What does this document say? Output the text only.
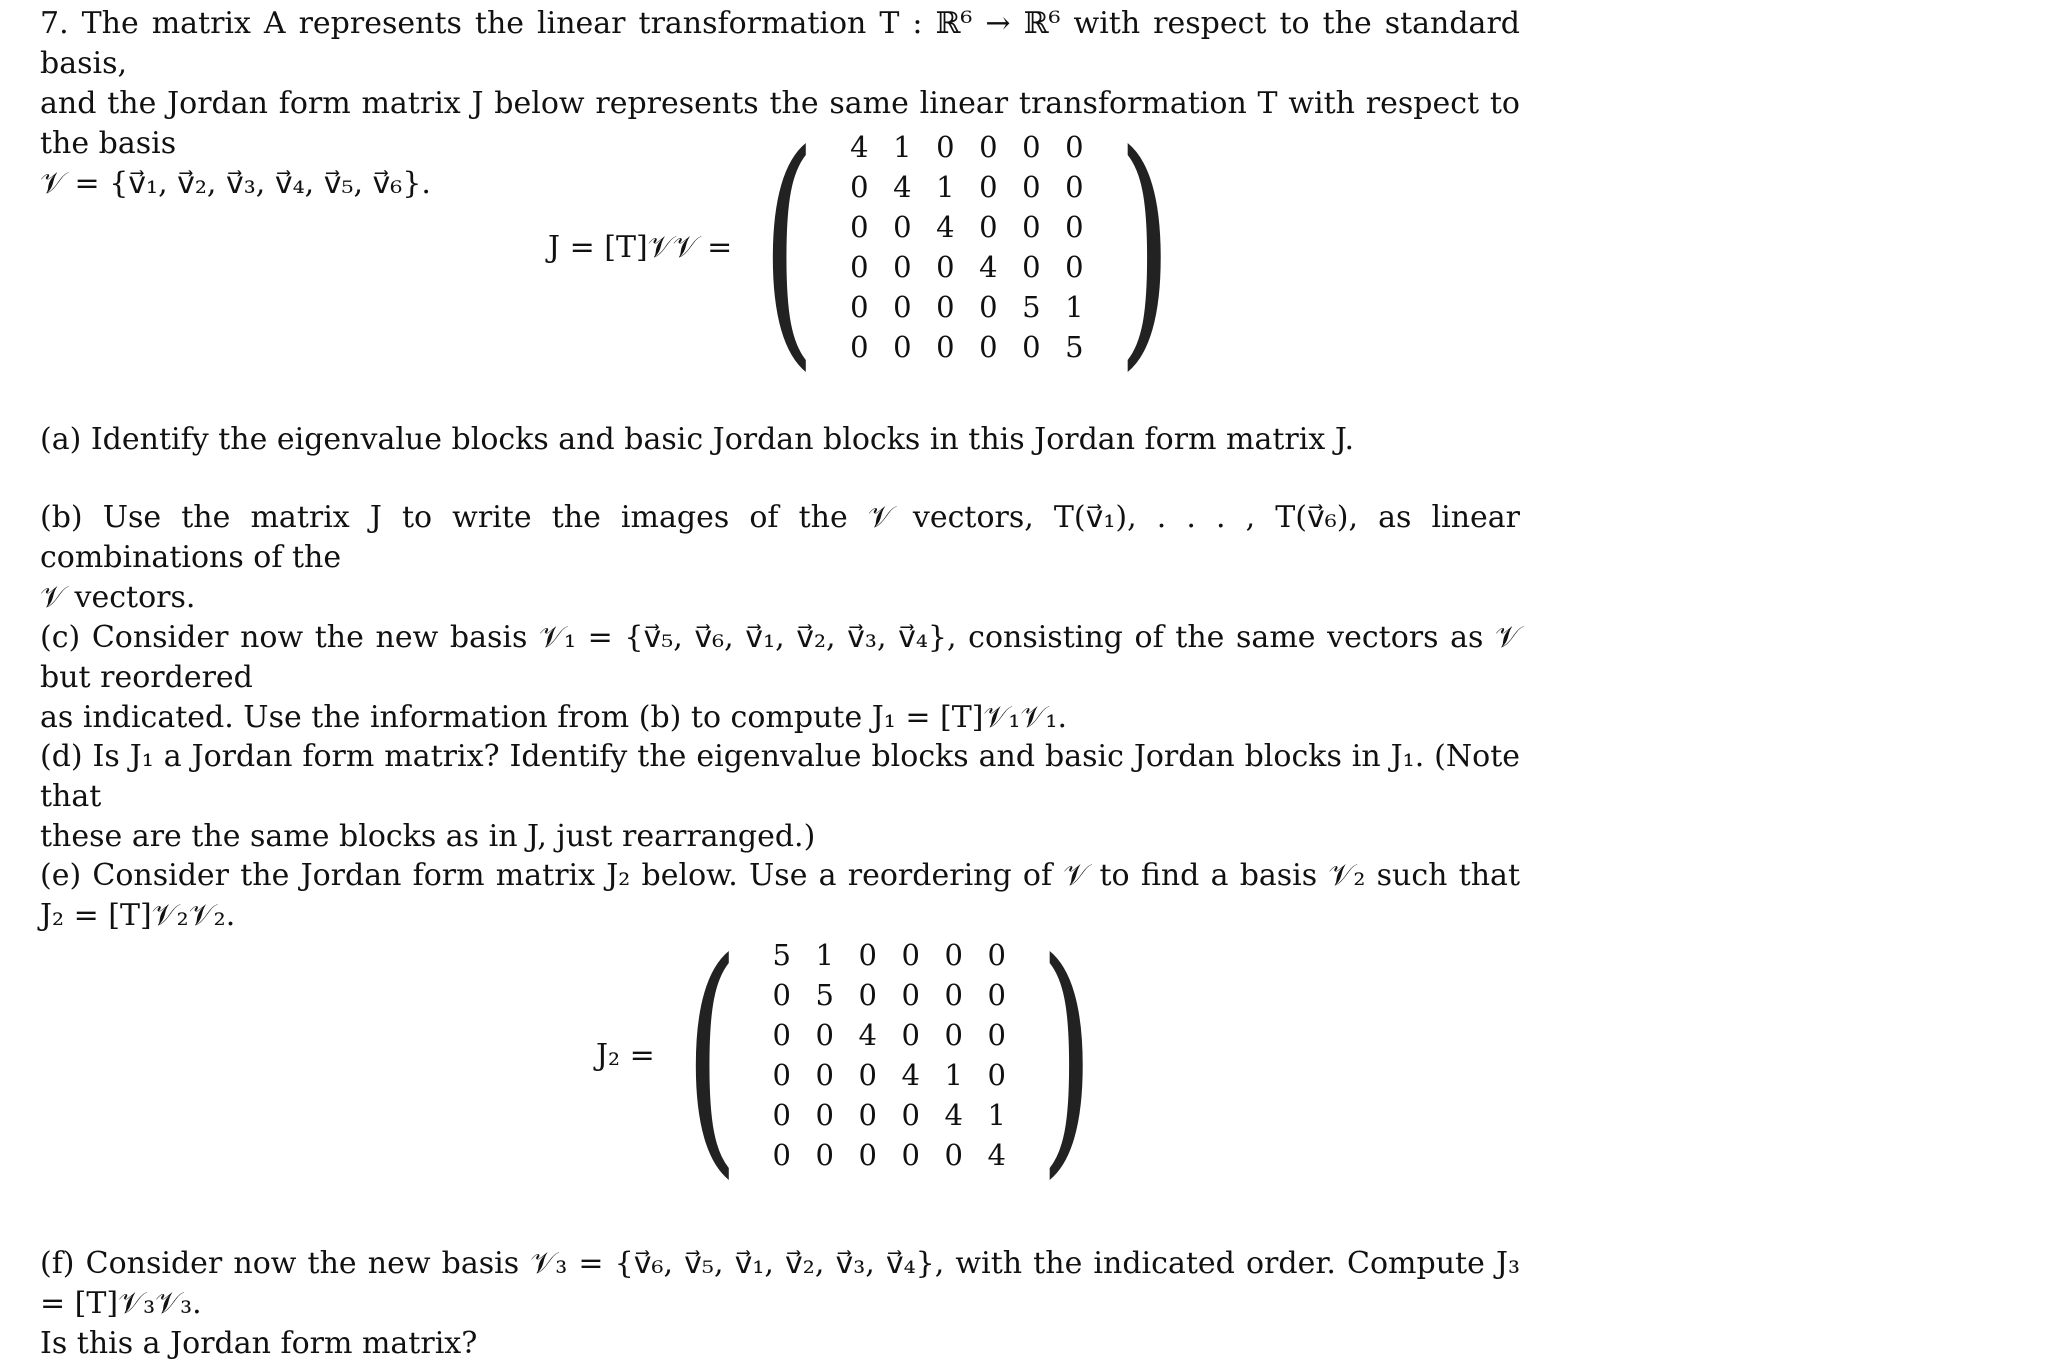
7. The matrix A represents the linear transformation T : ℝ⁶ → ℝ⁶ with respect to the standard basis,
and the Jordan form matrix J below represents the same linear transformation T with respect to the basis
𝒱 = {v⃗₁, v⃗₂, v⃗₃, v⃗₄, v⃗₅, v⃗₆}.
J = [T]𝒱𝒱 = ( 4	1	0	0	0	0
0	4	1	0	0	0
0	0	4	0	0	0
0	0	0	4	0	0
0	0	0	0	5	1
0	0	0	0	0	5 )
(a) Identify the eigenvalue blocks and basic Jordan blocks in this Jordan form matrix J.
(b) Use the matrix J to write the images of the 𝒱 vectors, T(v⃗₁), . . . , T(v⃗₆), as linear combinations of the
𝒱 vectors.
(c) Consider now the new basis 𝒱₁ = {v⃗₅, v⃗₆, v⃗₁, v⃗₂, v⃗₃, v⃗₄}, consisting of the same vectors as 𝒱 but reordered
as indicated. Use the information from (b) to compute J₁ = [T]𝒱₁𝒱₁.
(d) Is J₁ a Jordan form matrix? Identify the eigenvalue blocks and basic Jordan blocks in J₁. (Note that
these are the same blocks as in J, just rearranged.)
(e) Consider the Jordan form matrix J₂ below. Use a reordering of 𝒱 to find a basis 𝒱₂ such that J₂ = [T]𝒱₂𝒱₂.
J₂ = ( 5	1	0	0	0	0
0	5	0	0	0	0
0	0	4	0	0	0
0	0	0	4	1	0
0	0	0	0	4	1
0	0	0	0	0	4 )
(f) Consider now the new basis 𝒱₃ = {v⃗₆, v⃗₅, v⃗₁, v⃗₂, v⃗₃, v⃗₄}, with the indicated order. Compute J₃ = [T]𝒱₃𝒱₃.
Is this a Jordan form matrix?
